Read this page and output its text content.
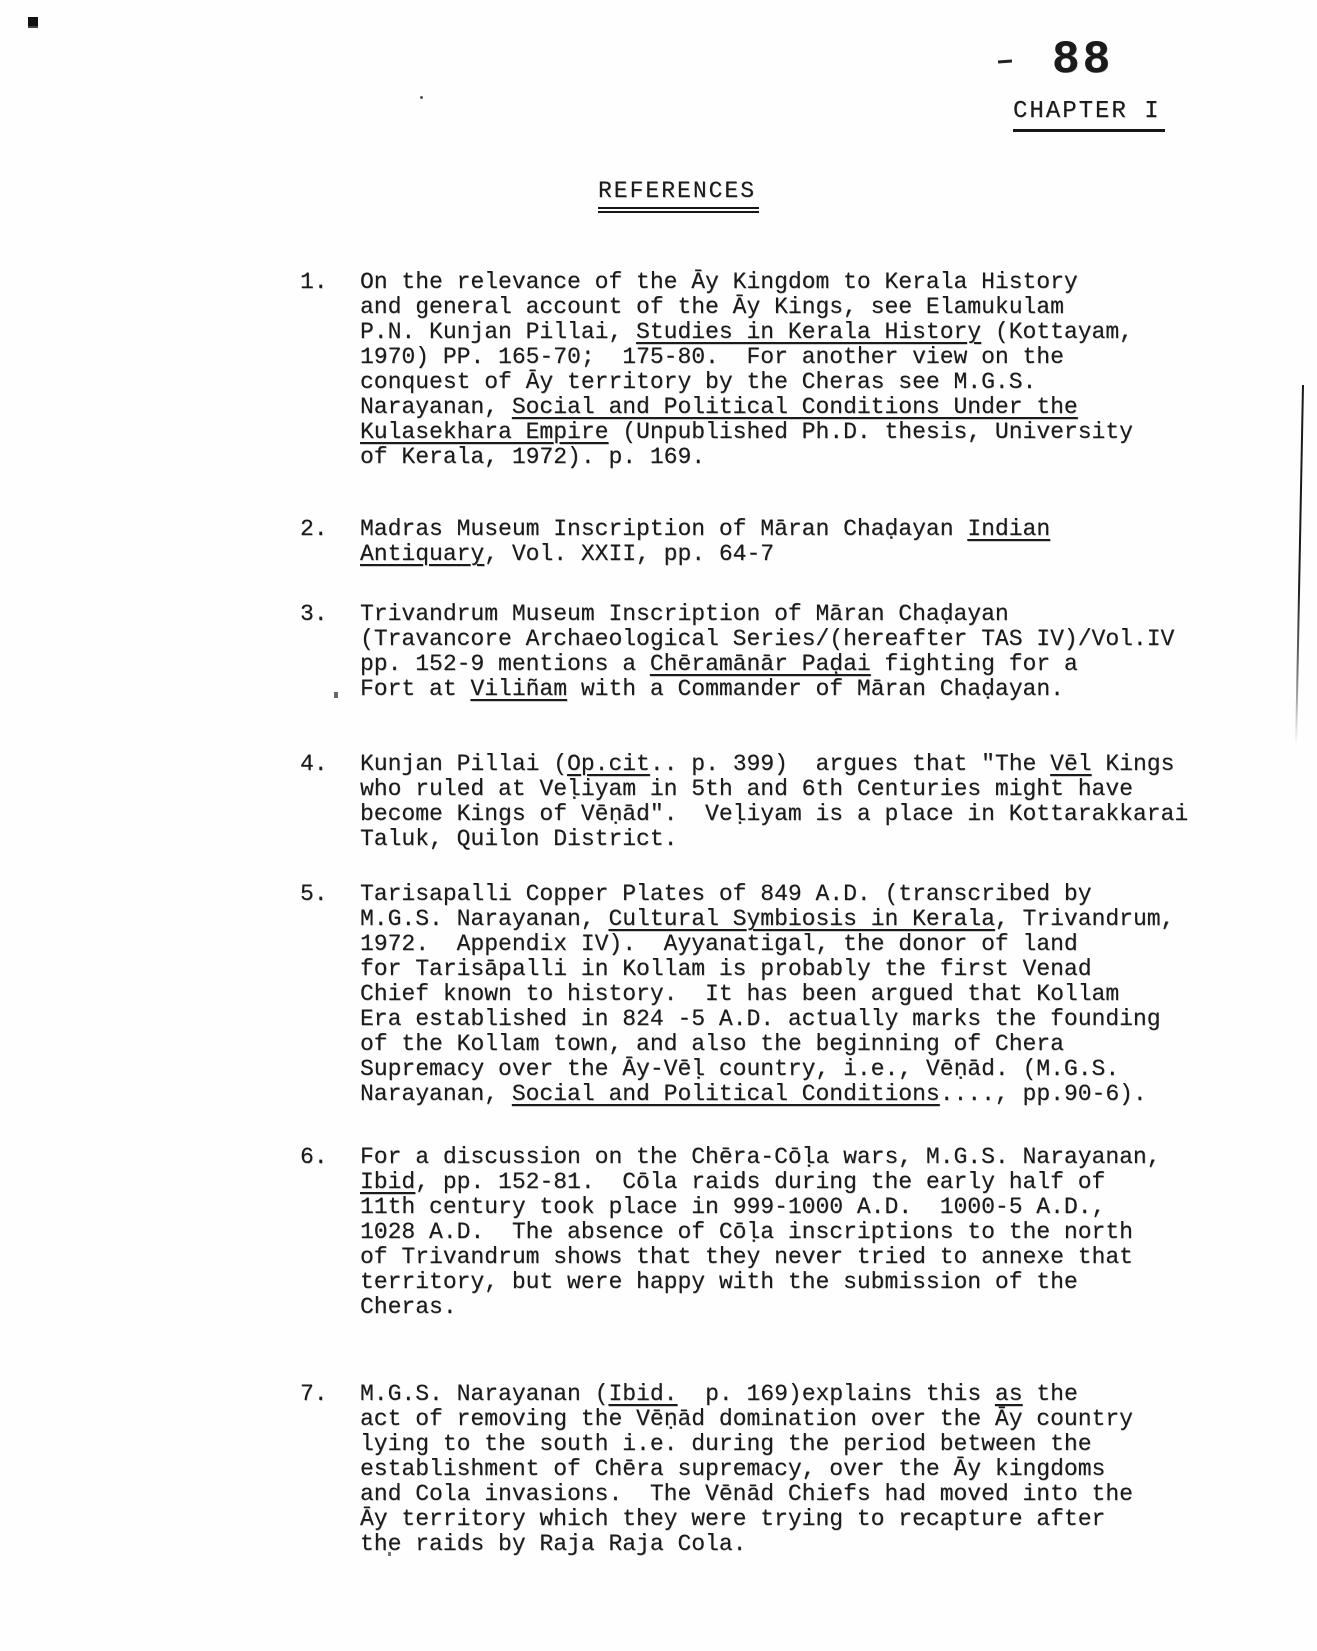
88
CHAPTER I
REFERENCES
1.	On the relevance of the Āy Kingdom to Kerala History
and general account of the Āy Kings, see Elamukulam
P.N. Kunjan Pillai, Studies in Kerala History (Kottayam,
1970) PP. 165-70;  175-80.  For another view on the
conquest of Āy territory by the Cheras see M.G.S.
Narayanan, Social and Political Conditions Under the
Kulasekhara Empire (Unpublished Ph.D. thesis, University
of Kerala, 1972). p. 169.
2.	Madras Museum Inscription of Māran Chaḍayan Indian
Antiquary, Vol. XXII, pp. 64-7
3.	Trivandrum Museum Inscription of Māran Chaḍayan
(Travancore Archaeological Series/(hereafter TAS IV)/Vol.IV
pp. 152-9 mentions a Chēramānār Paḍai fighting for a
Fort at Viliñam with a Commander of Māran Chaḍayan.
4.	Kunjan Pillai (Op.cit.. p. 399)  argues that "The Vēl Kings
who ruled at Veḷiyam in 5th and 6th Centuries might have
become Kings of Vēṇād".  Veḷiyam is a place in Kottarakkarai
Taluk, Quilon District.
5.	Tarisapalli Copper Plates of 849 A.D. (transcribed by
M.G.S. Narayanan, Cultural Symbiosis in Kerala, Trivandrum,
1972.  Appendix IV).  Ayyanatigal, the donor of land
for Tarisāpalli in Kollam is probably the first Venad
Chief known to history.  It has been argued that Kollam
Era established in 824 -5 A.D. actually marks the founding
of the Kollam town, and also the beginning of Chera
Supremacy over the Āy-Vēḷ country, i.e., Vēṇād. (M.G.S.
Narayanan, Social and Political Conditions...., pp.90-6).
6.	For a discussion on the Chēra-Cōḷa wars, M.G.S. Narayanan,
Ibid, pp. 152-81.  Cōla raids during the early half of
11th century took place in 999-1000 A.D.  1000-5 A.D.,
1028 A.D.  The absence of Cōḷa inscriptions to the north
of Trivandrum shows that they never tried to annexe that
territory, but were happy with the submission of the
Cheras.
7.	M.G.S. Narayanan (Ibid.  p. 169)explains this as the
act of removing the Vēṇād domination over the Āy country
lying to the south i.e. during the period between the
establishment of Chēra supremacy, over the Āy kingdoms
and Cola invasions.  The Vēnād Chiefs had moved into the
Āy territory which they were trying to recapture after
the raids by Raja Raja Cola.
